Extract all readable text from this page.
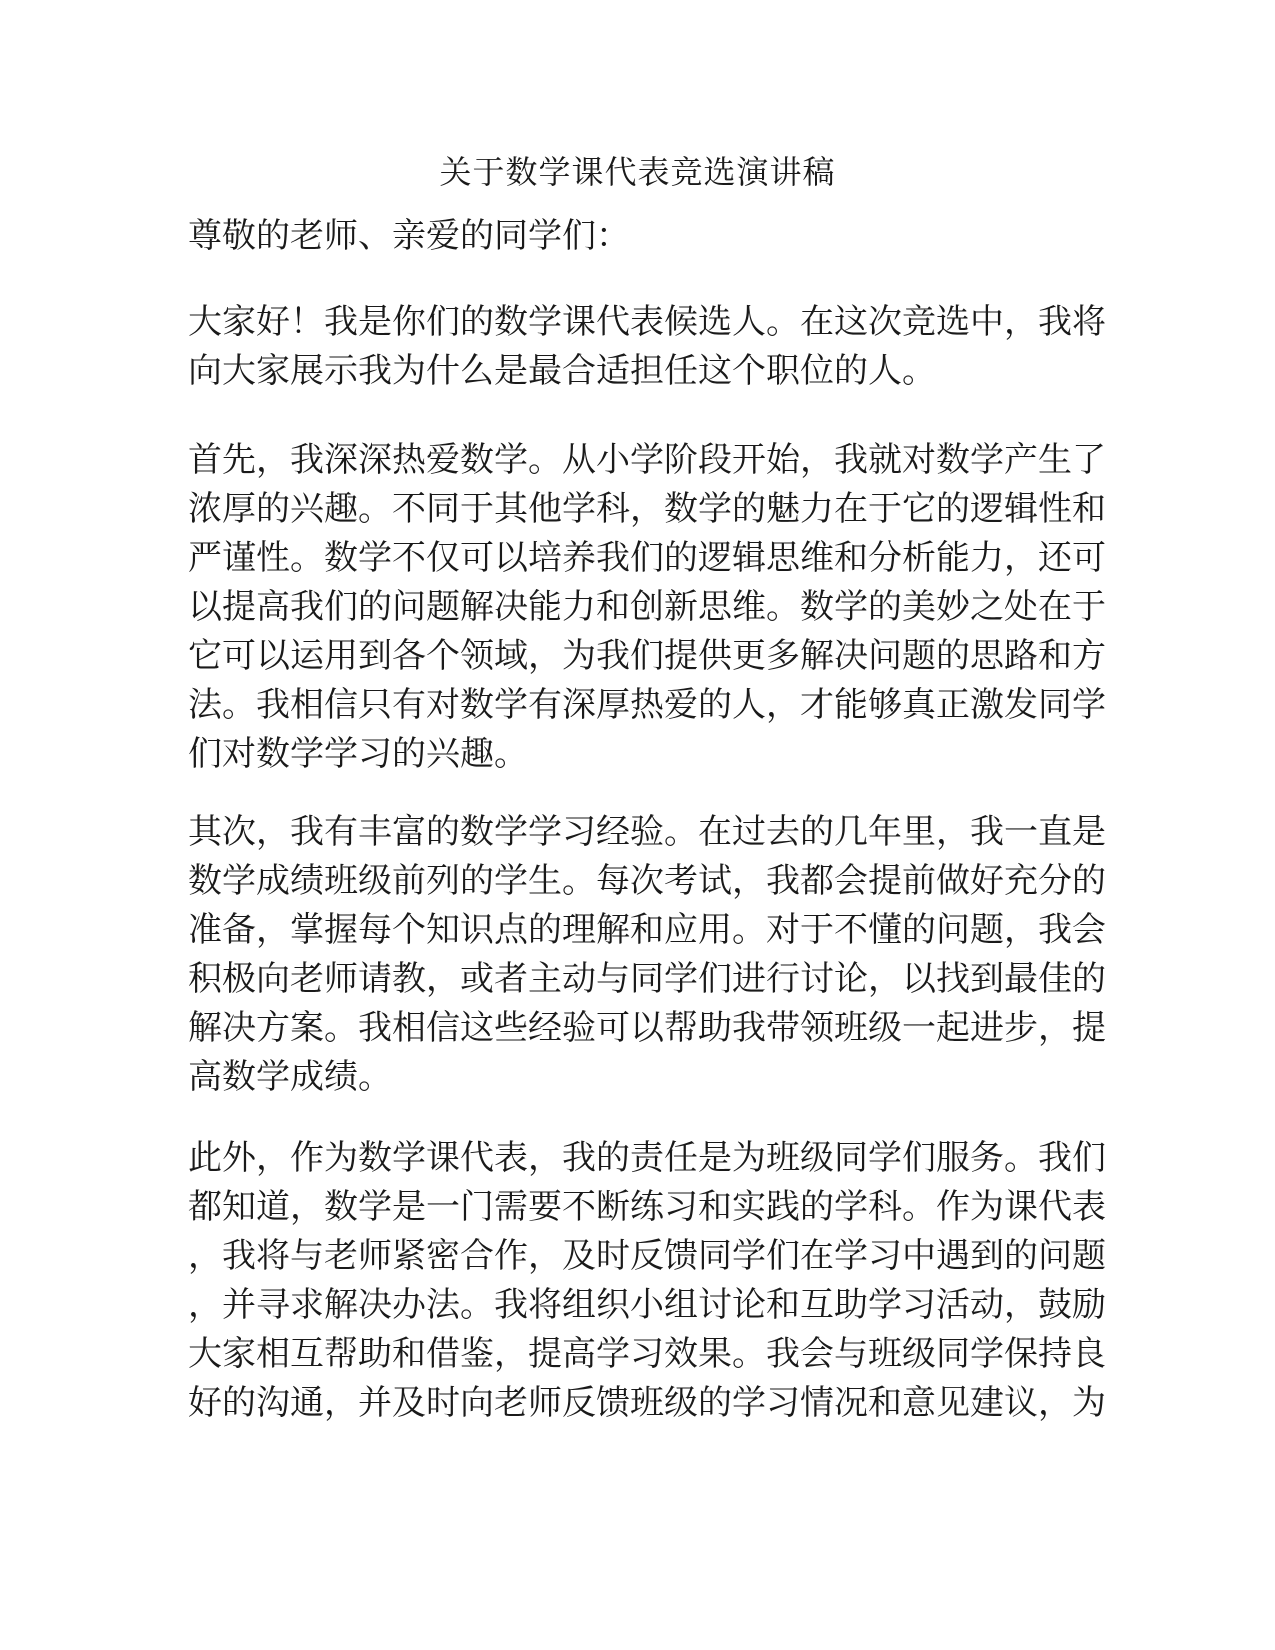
关于数学课代表竞选演讲稿

尊敬的老师、亲爱的同学们：

大家好！我是你们的数学课代表候选人。在这次竞选中，我将
向大家展示我为什么是最合适担任这个职位的人。

首先，我深深热爱数学。从小学阶段开始，我就对数学产生了
浓厚的兴趣。不同于其他学科，数学的魅力在于它的逻辑性和
严谨性。数学不仅可以培养我们的逻辑思维和分析能力，还可
以提高我们的问题解决能力和创新思维。数学的美妙之处在于
它可以运用到各个领域，为我们提供更多解决问题的思路和方
法。我相信只有对数学有深厚热爱的人，才能够真正激发同学
们对数学学习的兴趣。

其次，我有丰富的数学学习经验。在过去的几年里，我一直是
数学成绩班级前列的学生。每次考试，我都会提前做好充分的
准备，掌握每个知识点的理解和应用。对于不懂的问题，我会
积极向老师请教，或者主动与同学们进行讨论，以找到最佳的
解决方案。我相信这些经验可以帮助我带领班级一起进步，提
高数学成绩。

此外，作为数学课代表，我的责任是为班级同学们服务。我们
都知道，数学是一门需要不断练习和实践的学科。作为课代表
，我将与老师紧密合作，及时反馈同学们在学习中遇到的问题
，并寻求解决办法。我将组织小组讨论和互助学习活动，鼓励
大家相互帮助和借鉴，提高学习效果。我会与班级同学保持良
好的沟通，并及时向老师反馈班级的学习情况和意见建议，为
